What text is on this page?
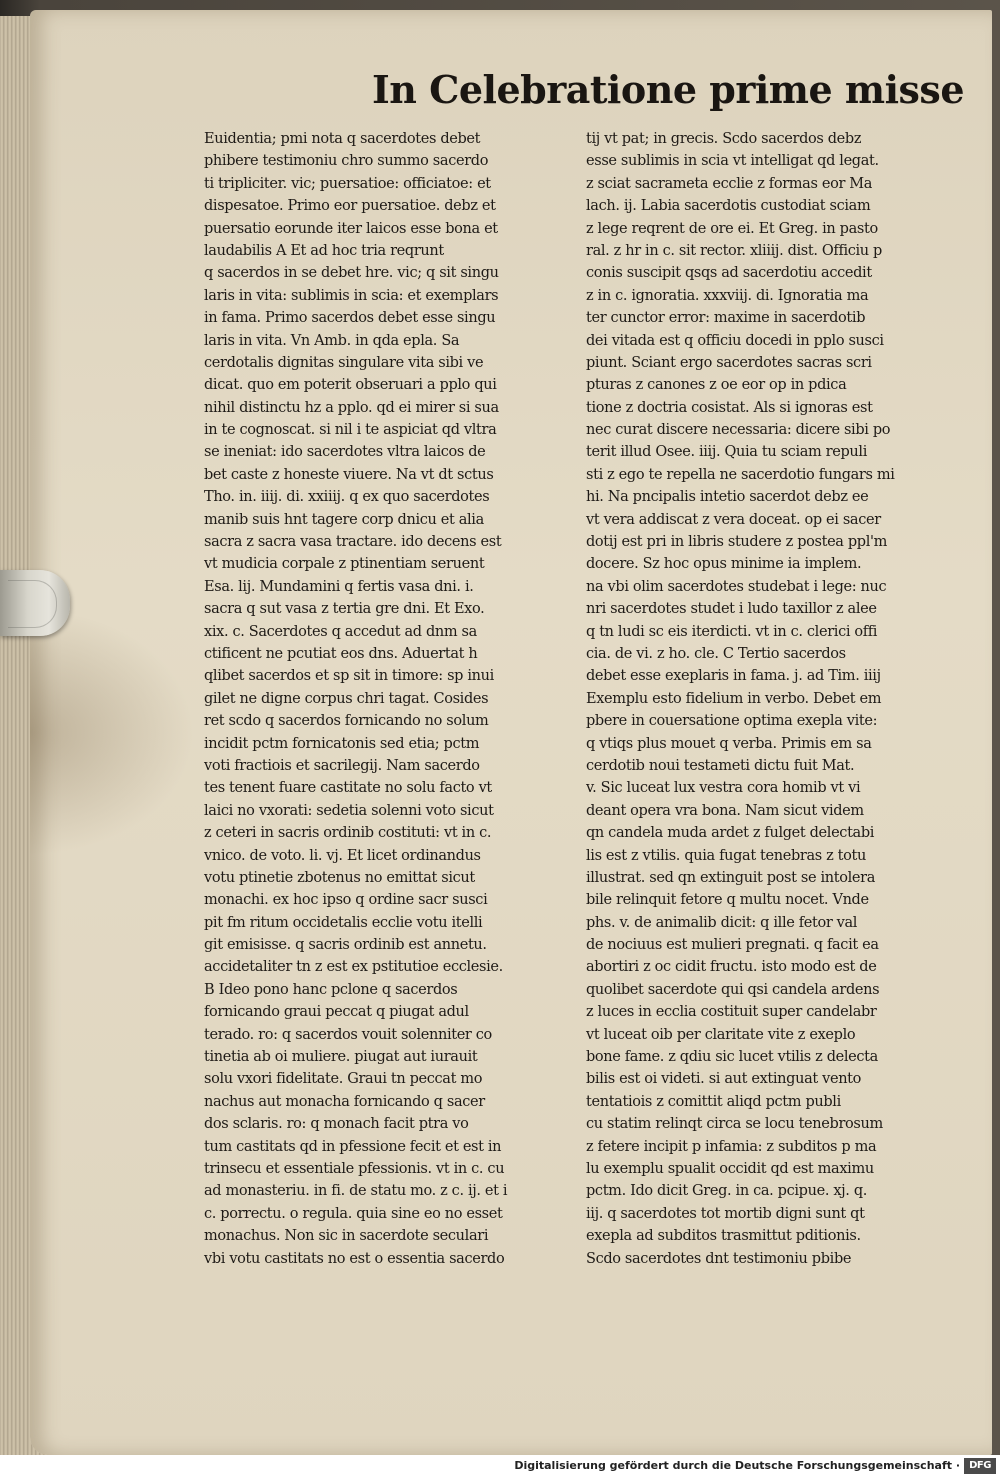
In Celebratione prime misse
Euidentia; pmi nota q sacerdotes debet
phibere testimoniu chro summo sacerdo
ti tripliciter. vic; puersatioe: officiatoe: et
dispesatoe. Primo eor puersatioe. debz et
puersatio eorunde iter laicos esse bona et
laudabilis A Et ad hoc tria reqrunt
q sacerdos in se debet hre. vic; q sit singu
laris in vita: sublimis in scia: et exemplars
in fama. Primo sacerdos debet esse singu
laris in vita. Vn Amb. in qda epla. Sa
cerdotalis dignitas singulare vita sibi ve
dicat. quo em poterit obseruari a pplo qui
nihil distinctu hz a pplo. qd ei mirer si sua
in te cognoscat. si nil i te aspiciat qd vltra
se ineniat: ido sacerdotes vltra laicos de
bet caste z honeste viuere. Na vt dt sctus
Tho. in. iiij. di. xxiiij. q ex quo sacerdotes
manib suis hnt tagere corp dnicu et alia
sacra z sacra vasa tractare. ido decens est
vt mudicia corpale z ptinentiam seruent
Esa. lij. Mundamini q fertis vasa dni. i.
sacra q sut vasa z tertia gre dni. Et Exo.
xix. c. Sacerdotes q accedut ad dnm sa
ctificent ne pcutiat eos dns. Aduertat h
qlibet sacerdos et sp sit in timore: sp inui
gilet ne digne corpus chri tagat. Cosides
ret scdo q sacerdos fornicando no solum
incidit pctm fornicatonis sed etia; pctm
voti fractiois et sacrilegij. Nam sacerdo
tes tenent fuare castitate no solu facto vt
laici no vxorati: sedetia solenni voto sicut
z ceteri in sacris ordinib costituti: vt in c.
vnico. de voto. li. vj. Et licet ordinandus
votu ptinetie zbotenus no emittat sicut
monachi. ex hoc ipso q ordine sacr susci
pit fm ritum occidetalis ecclie votu itelli
git emisisse. q sacris ordinib est annetu.
accidetaliter tn z est ex pstitutioe ecclesie.
B Ideo pono hanc pclone q sacerdos
fornicando graui peccat q piugat adul
terado. ro: q sacerdos vouit solenniter co
tinetia ab oi muliere. piugat aut iurauit
solu vxori fidelitate. Graui tn peccat mo
nachus aut monacha fornicando q sacer
dos sclaris. ro: q monach facit ptra vo
tum castitats qd in pfessione fecit et est in
trinsecu et essentiale pfessionis. vt in c. cu
ad monasteriu. in fi. de statu mo. z c. ij. et i
c. porrectu. o regula. quia sine eo no esset
monachus. Non sic in sacerdote seculari
vbi votu castitats no est o essentia sacerdo
tij vt pat; in grecis. Scdo sacerdos debz
esse sublimis in scia vt intelligat qd legat.
z sciat sacrameta ecclie z formas eor Ma
lach. ij. Labia sacerdotis custodiat sciam
z lege reqrent de ore ei. Et Greg. in pasto
ral. z hr in c. sit rector. xliiij. dist. Officiu p
conis suscipit qsqs ad sacerdotiu accedit
z in c. ignoratia. xxxviij. di. Ignoratia ma
ter cunctor error: maxime in sacerdotib
dei vitada est q officiu docedi in pplo susci
piunt. Sciant ergo sacerdotes sacras scri
pturas z canones z oe eor op in pdica
tione z doctria cosistat. Als si ignoras est
nec curat discere necessaria: dicere sibi po
terit illud Osee. iiij. Quia tu sciam repuli
sti z ego te repella ne sacerdotio fungars mi
hi. Na pncipalis intetio sacerdot debz ee
vt vera addiscat z vera doceat. op ei sacer
dotij est pri in libris studere z postea ppl'm
docere. Sz hoc opus minime ia implem.
na vbi olim sacerdotes studebat i lege: nuc
nri sacerdotes studet i ludo taxillor z alee
q tn ludi sc eis iterdicti. vt in c. clerici offi
cia. de vi. z ho. cle. C Tertio sacerdos
debet esse exeplaris in fama. j. ad Tim. iiij
Exemplu esto fidelium in verbo. Debet em
pbere in couersatione optima exepla vite:
q vtiqs plus mouet q verba. Primis em sa
cerdotib noui testameti dictu fuit Mat.
v. Sic luceat lux vestra cora homib vt vi
deant opera vra bona. Nam sicut videm
qn candela muda ardet z fulget delectabi
lis est z vtilis. quia fugat tenebras z totu
illustrat. sed qn extinguit post se intolera
bile relinquit fetore q multu nocet. Vnde
phs. v. de animalib dicit: q ille fetor val
de nociuus est mulieri pregnati. q facit ea
abortiri z oc cidit fructu. isto modo est de
quolibet sacerdote qui qsi candela ardens
z luces in ecclia costituit super candelabr
vt luceat oib per claritate vite z exeplo
bone fame. z qdiu sic lucet vtilis z delecta
bilis est oi videti. si aut extinguat vento
tentatiois z comittit aliqd pctm publi
cu statim relinqt circa se locu tenebrosum
z fetere incipit p infamia: z subditos p ma
lu exemplu spualit occidit qd est maximu
pctm. Ido dicit Greg. in ca. pcipue. xj. q.
iij. q sacerdotes tot mortib digni sunt qt
exepla ad subditos trasmittut pditionis.
Scdo sacerdotes dnt testimoniu pbibe
Digitalisierung gefördert durch die Deutsche Forschungsgemeinschaft · DFG
